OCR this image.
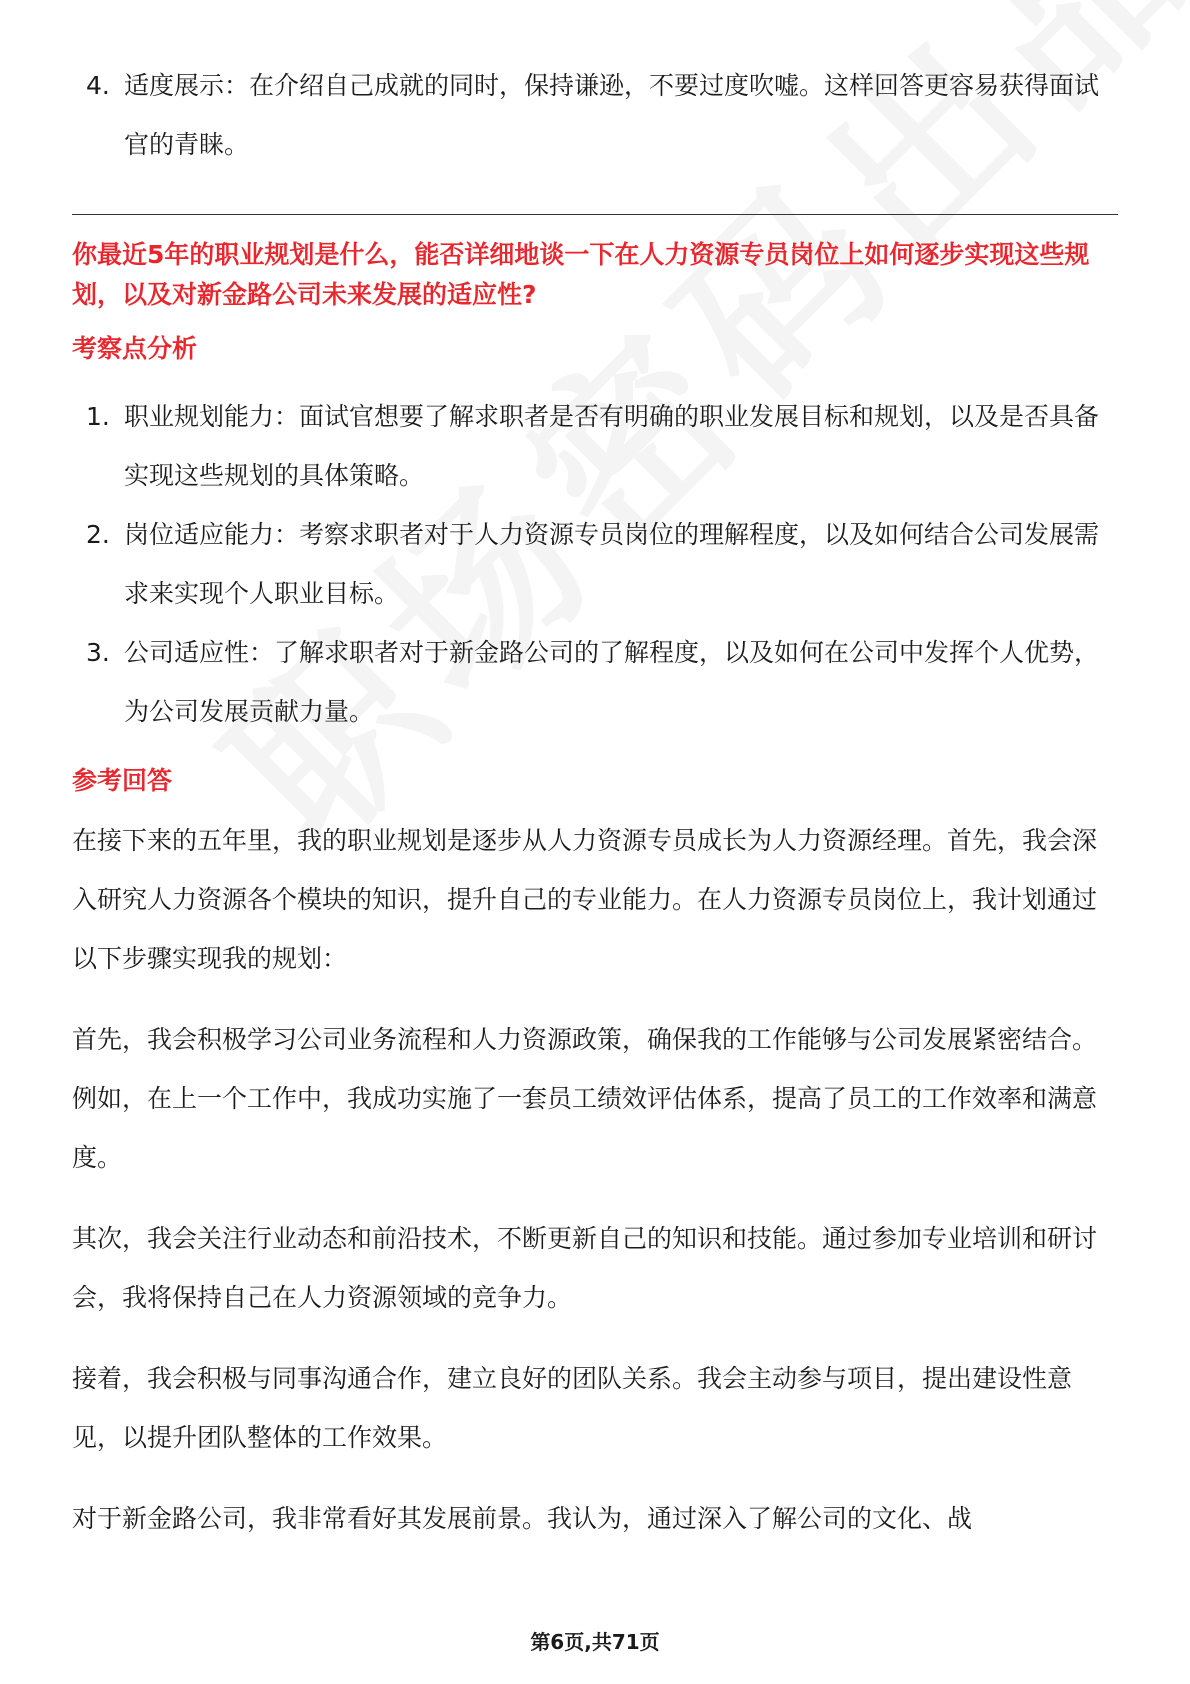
4. 适度展示：在介绍自己成就的同时，保持谦逊，不要过度吹嘘。这样回答更容易获得面试官的青睐。

你最近5年的职业规划是什么，能否详细地谈一下在人力资源专员岗位上如何逐步实现这些规划，以及对新金路公司未来发展的适应性?

考察点分析

1. 职业规划能力：面试官想要了解求职者是否有明确的职业发展目标和规划，以及是否具备实现这些规划的具体策略。

2. 岗位适应能力：考察求职者对于人力资源专员岗位的理解程度，以及如何结合公司发展需求来实现个人职业目标。

3. 公司适应性：了解求职者对于新金路公司的了解程度，以及如何在公司中发挥个人优势，为公司发展贡献力量。

参考回答

在接下来的五年里，我的职业规划是逐步从人力资源专员成长为人力资源经理。首先，我会深入研究人力资源各个模块的知识，提升自己的专业能力。在人力资源专员岗位上，我计划通过以下步骤实现我的规划：

首先，我会积极学习公司业务流程和人力资源政策，确保我的工作能够与公司发展紧密结合。例如，在上一个工作中，我成功实施了一套员工绩效评估体系，提高了员工的工作效率和满意度。

其次，我会关注行业动态和前沿技术，不断更新自己的知识和技能。通过参加专业培训和研讨会，我将保持自己在人力资源领域的竞争力。

接着，我会积极与同事沟通合作，建立良好的团队关系。我会主动参与项目，提出建设性意见，以提升团队整体的工作效果。

对于新金路公司，我非常看好其发展前景。我认为，通过深入了解公司的文化、战

第6页,共71页
